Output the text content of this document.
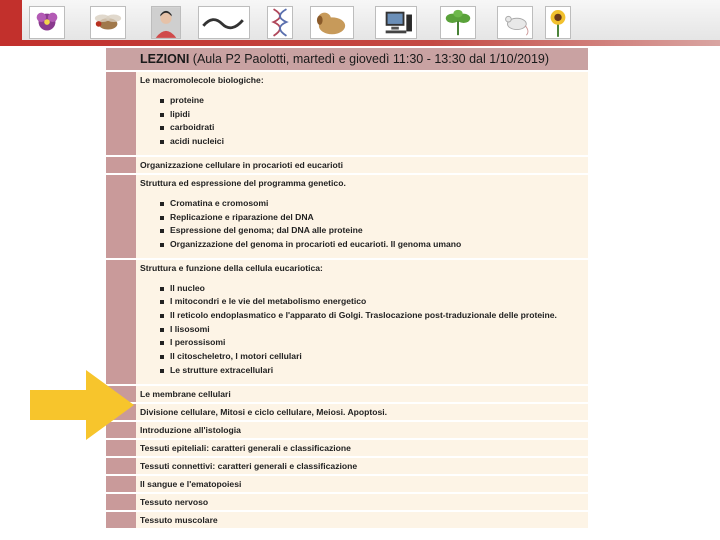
LEZIONI (Aula P2 Paolotti, martedì e giovedì 11:30 - 13:30 dal 1/10/2019)
Le macromolecole biologiche:
proteine
lipidi
carboidrati
acidi nucleici
Organizzazione cellulare in procarioti ed eucarioti
Struttura ed espressione del programma genetico.
Cromatina e cromosomi
Replicazione e riparazione del DNA
Espressione del genoma; dal DNA alle proteine
Organizzazione del genoma in procarioti ed eucarioti. Il genoma umano
Struttura e funzione della cellula eucariotica:
Il nucleo
I mitocondri e le vie del metabolismo energetico
Il reticolo endoplasmatico e l'apparato di Golgi. Traslocazione post-traduzionale delle proteine.
I lisosomi
I perossisomi
Il citoscheletro, I motori cellulari
Le strutture extracellulari
Le membrane cellulari
Divisione cellulare, Mitosi e ciclo cellulare, Meiosi. Apoptosi.
Introduzione all'istologia
Tessuti epiteliali: caratteri generali e classificazione
Tessuti connettivi: caratteri generali e classificazione
Il sangue e l'ematopoiesi
Tessuto nervoso
Tessuto muscolare
